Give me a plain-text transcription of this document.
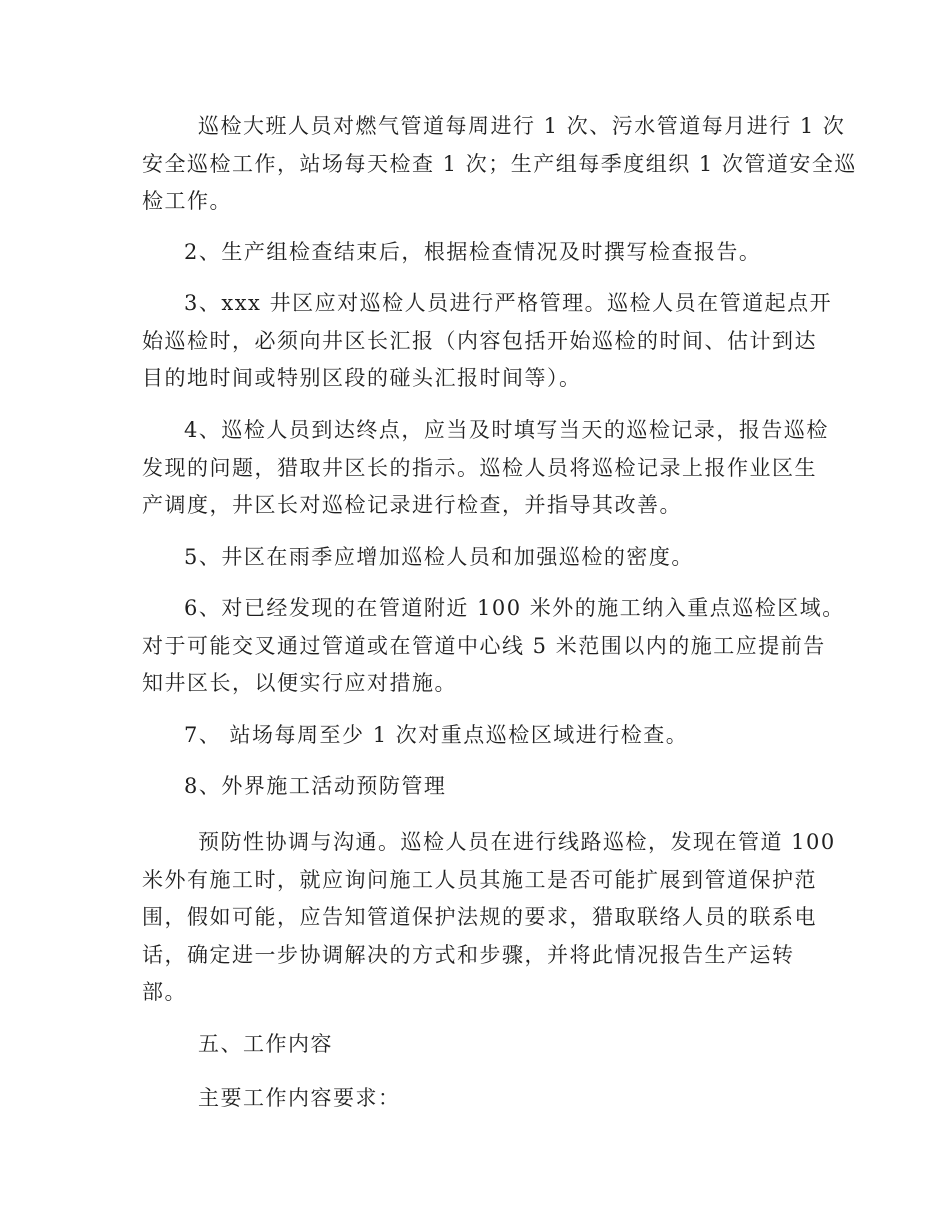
巡检大班人员对燃气管道每周进行 1 次、污水管道每月进行 1 次
安全巡检工作，站场每天检查 1 次；生产组每季度组织 1 次管道安全巡
检工作。
2、生产组检查结束后，根据检查情况及时撰写检查报告。
3、xxx 井区应对巡检人员进行严格管理。巡检人员在管道起点开
始巡检时，必须向井区长汇报（内容包括开始巡检的时间、估计到达
目的地时间或特别区段的碰头汇报时间等）。
4、巡检人员到达终点，应当及时填写当天的巡检记录，报告巡检
发现的问题，猎取井区长的指示。巡检人员将巡检记录上报作业区生
产调度，井区长对巡检记录进行检查，并指导其改善。
5、井区在雨季应增加巡检人员和加强巡检的密度。
6、对已经发现的在管道附近 100 米外的施工纳入重点巡检区域。
对于可能交叉通过管道或在管道中心线 5 米范围以内的施工应提前告
知井区长，以便实行应对措施。
7、 站场每周至少 1 次对重点巡检区域进行检查。
8、外界施工活动预防管理
预防性协调与沟通。巡检人员在进行线路巡检，发现在管道 100
米外有施工时，就应询问施工人员其施工是否可能扩展到管道保护范
围，假如可能，应告知管道保护法规的要求，猎取联络人员的联系电
话，确定进一步协调解决的方式和步骤，并将此情况报告生产运转
部。
五、工作内容
主要工作内容要求：
